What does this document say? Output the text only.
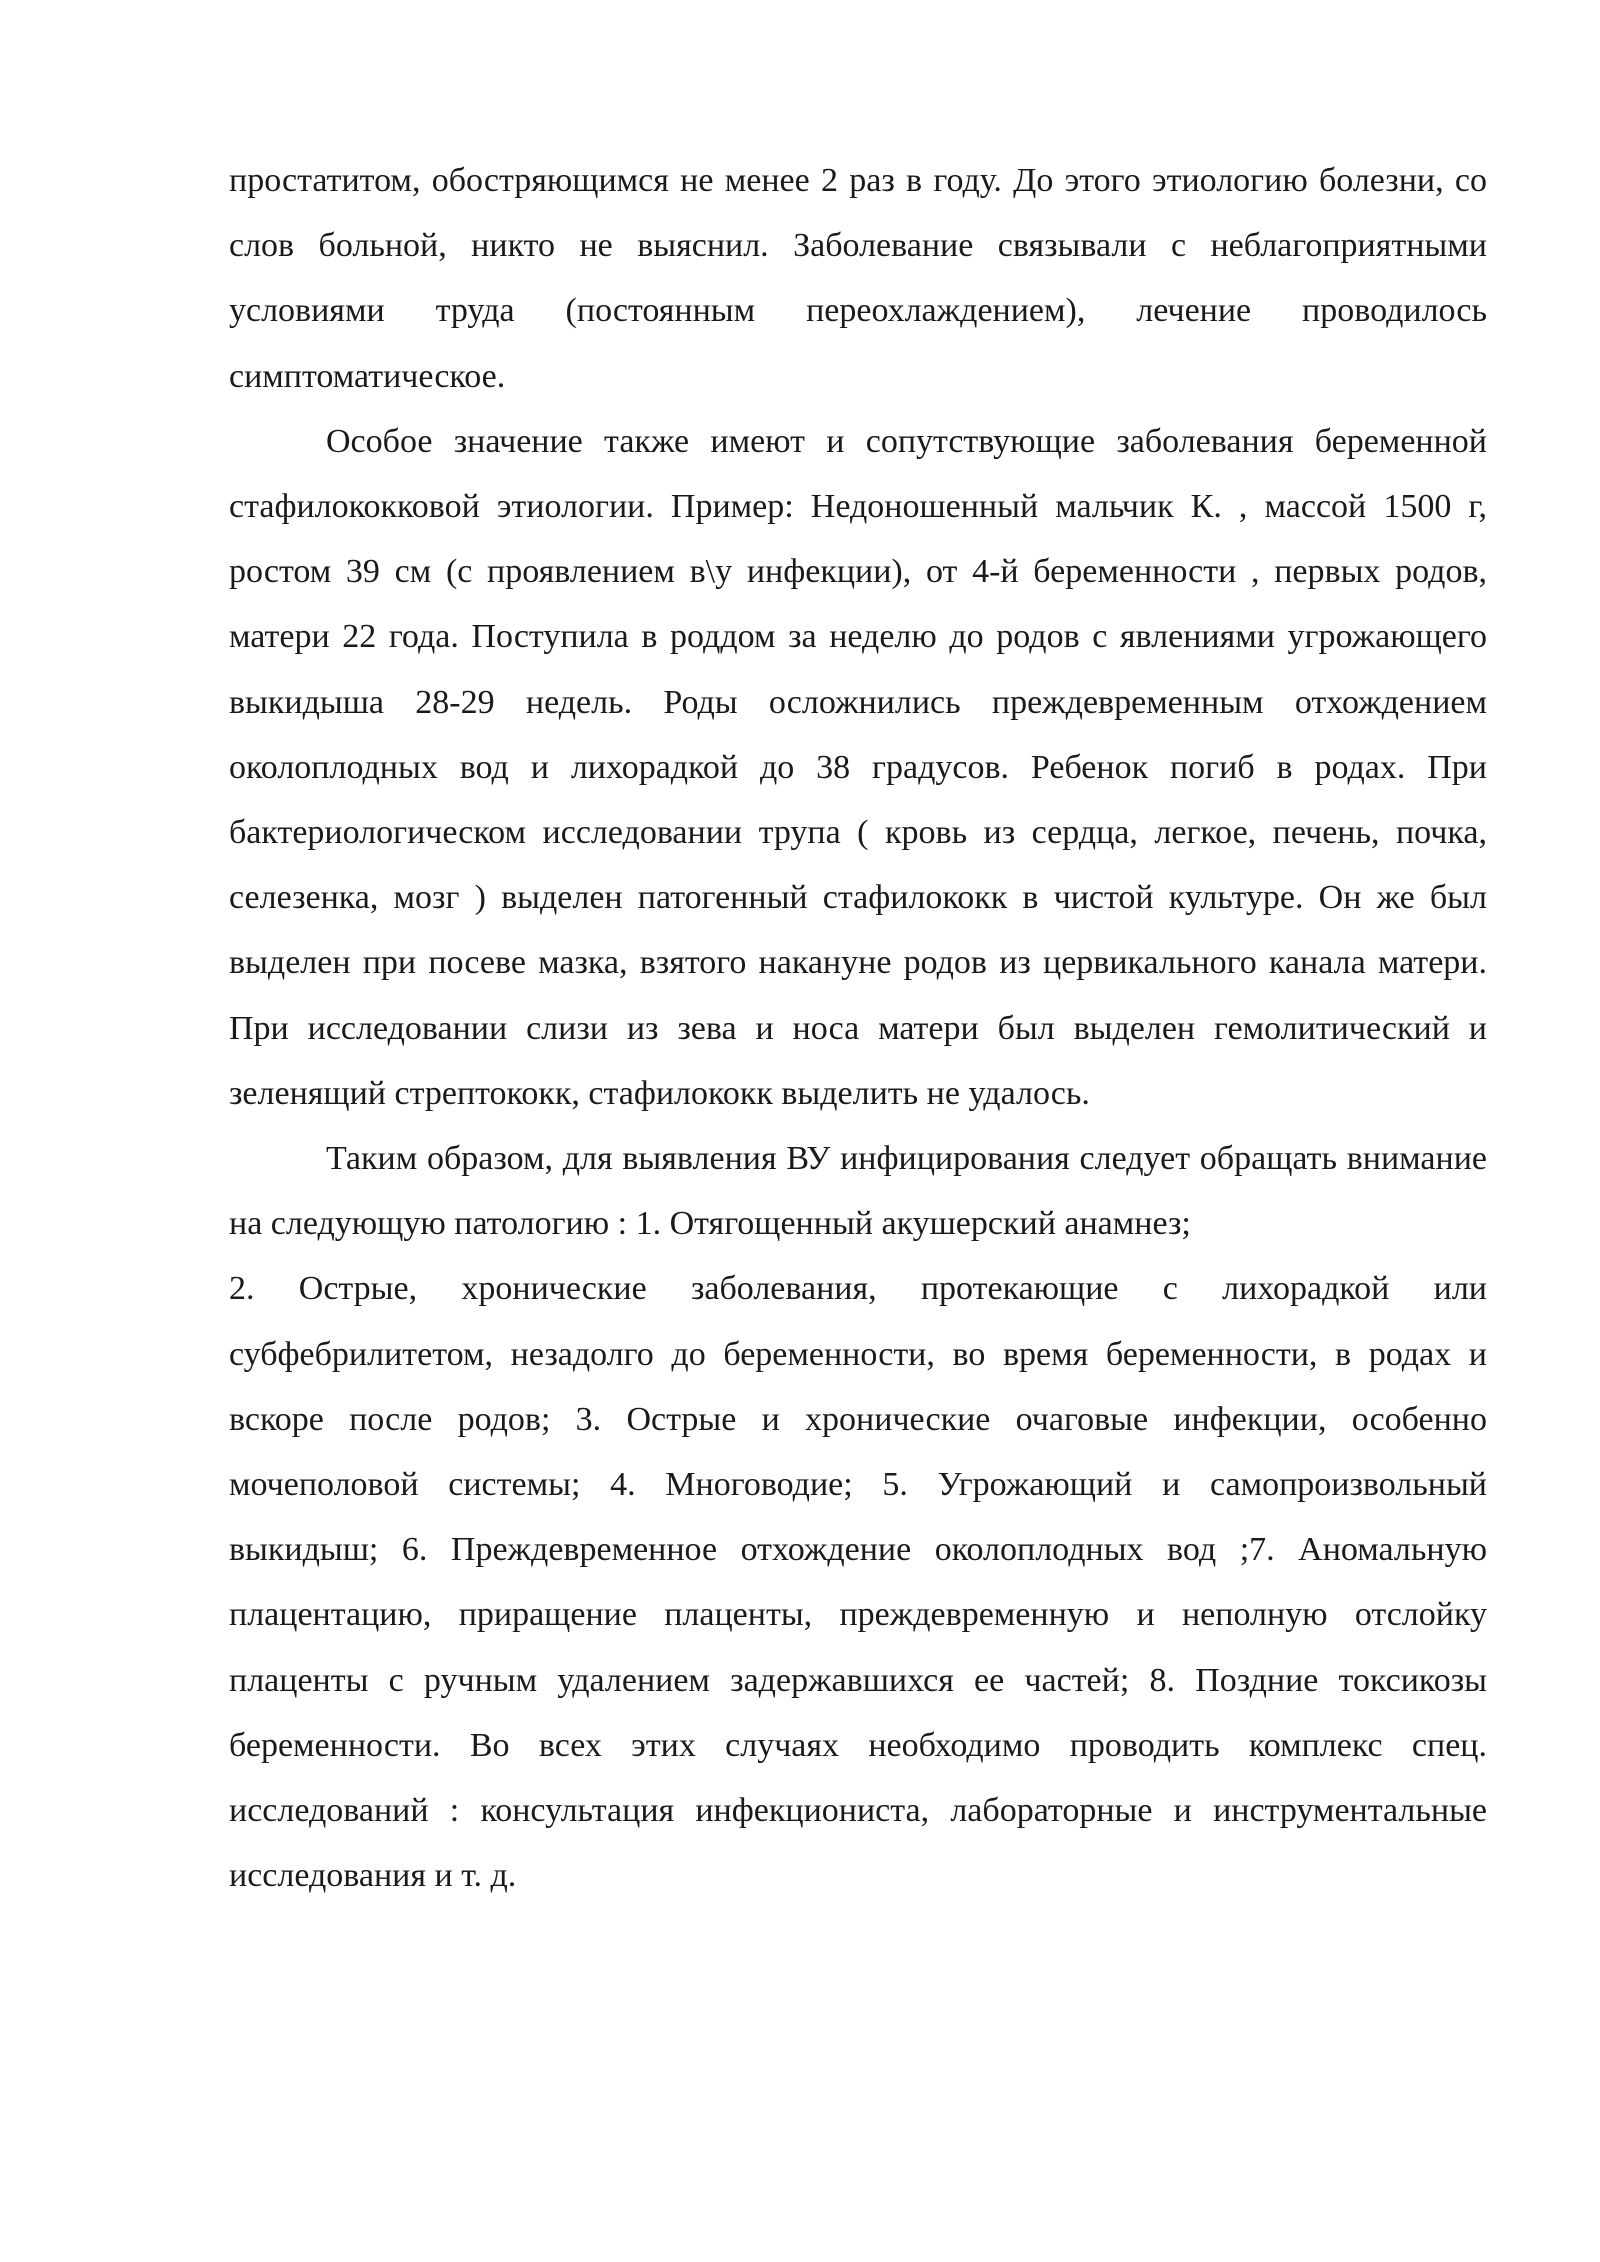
простатитом, обостряющимся не менее 2 раз в году. До этого этиологию болезни, со слов больной, никто не выяснил. Заболевание связывали с неблагоприятными условиями труда (постоянным переохлаждением), лечение проводилось симптоматическое.

Особое значение также имеют и сопутствующие заболевания беременной стафилококковой этиологии. Пример: Недоношенный мальчик К. , массой 1500 г, ростом 39 см (с проявлением в\у инфекции), от 4-й беременности , первых родов, матери 22 года. Поступила в роддом за неделю до родов с явлениями угрожающего выкидыша 28-29 недель. Роды осложнились преждевременным отхождением околоплодных вод и лихорадкой до 38 градусов. Ребенок погиб в родах. При бактериологическом исследовании трупа ( кровь из сердца, легкое, печень, почка, селезенка, мозг ) выделен патогенный стафилококк в чистой культуре. Он же был выделен при посеве мазка, взятого накануне родов из цервикального канала матери. При исследовании слизи из зева и носа матери был выделен гемолитический и зеленящий стрептококк, стафилококк выделить не удалось.

Таким образом, для выявления ВУ инфицирования следует обращать внимание на следующую патологию : 1. Отягощенный акушерский анамнез;

2. Острые, хронические заболевания, протекающие с лихорадкой или субфебрилитетом, незадолго до беременности, во время беременности, в родах и вскоре после родов; 3. Острые и хронические очаговые инфекции, особенно мочеполовой системы; 4. Многоводие; 5. Угрожающий и самопроизвольный выкидыш; 6. Преждевременное отхождение околоплодных вод ;7. Аномальную плацентацию, приращение плаценты, преждевременную и неполную отслойку плаценты с ручным удалением задержавшихся ее частей; 8. Поздние токсикозы беременности. Во всех этих случаях необходимо проводить комплекс спец. исследований : консультация инфекциониста, лабораторные и инструментальные исследования и т. д.
